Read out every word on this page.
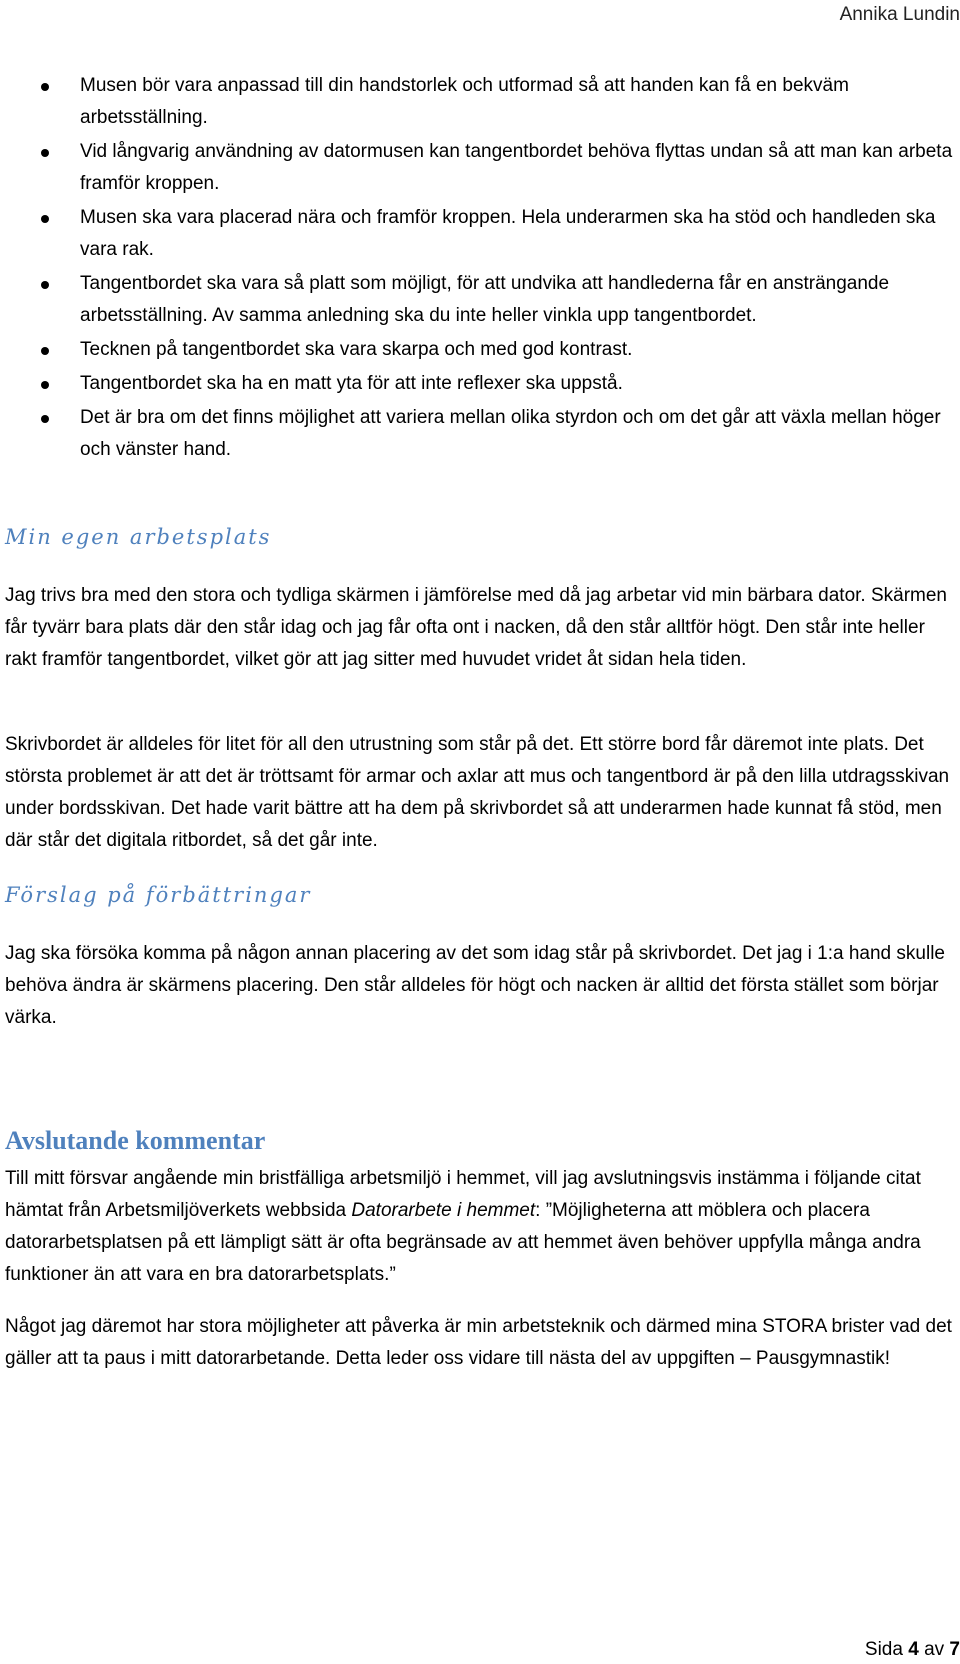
Annika Lundin
Musen bör vara anpassad till din handstorlek och utformad så att handen kan få en bekväm arbetsställning.
Vid långvarig användning av datormusen kan tangentbordet behöva flyttas undan så att man kan arbeta framför kroppen.
Musen ska vara placerad nära och framför kroppen. Hela underarmen ska ha stöd och handleden ska vara rak.
Tangentbordet ska vara så platt som möjligt, för att undvika att handlederna får en ansträngande arbetsställning. Av samma anledning ska du inte heller vinkla upp tangentbordet.
Tecknen på tangentbordet ska vara skarpa och med god kontrast.
Tangentbordet ska ha en matt yta för att inte reflexer ska uppstå.
Det är bra om det finns möjlighet att variera mellan olika styrdon och om det går att växla mellan höger och vänster hand.
Min egen arbetsplats

Jag trivs bra med den stora och tydliga skärmen i jämförelse med då jag arbetar vid min bärbara dator. Skärmen får tyvärr bara plats där den står idag och jag får ofta ont i nacken, då den står alltför högt. Den står inte heller rakt framför tangentbordet, vilket gör att jag sitter med huvudet vridet åt sidan hela tiden.

Skrivbordet är alldeles för litet för all den utrustning som står på det. Ett större bord får däremot inte plats. Det största problemet är att det är tröttsamt för armar och axlar att mus och tangentbord är på den lilla utdragsskivan under bordsskivan. Det hade varit bättre att ha dem på skrivbordet så att underarmen hade kunnat få stöd, men där står det digitala ritbordet, så det går inte.

Förslag på förbättringar

Jag ska försöka komma på någon annan placering av det som idag står på skrivbordet. Det jag i 1:a hand skulle behöva ändra är skärmens placering. Den står alldeles för högt och nacken är alltid det första stället som börjar värka.

Avslutande kommentar

Till mitt försvar angående min bristfälliga arbetsmiljö i hemmet, vill jag avslutningsvis instämma i följande citat hämtat från Arbetsmiljöverkets webbsida Datorarbete i hemmet: ”Möjligheterna att möblera och placera datorarbetsplatsen på ett lämpligt sätt är ofta begränsade av att hemmet även behöver uppfylla många andra funktioner än att vara en bra datorarbetsplats.”

Något jag däremot har stora möjligheter att påverka är min arbetsteknik och därmed mina STORA brister vad det gäller att ta paus i mitt datorarbetande. Detta leder oss vidare till nästa del av uppgiften – Pausgymnastik!

Sida 4 av 7
